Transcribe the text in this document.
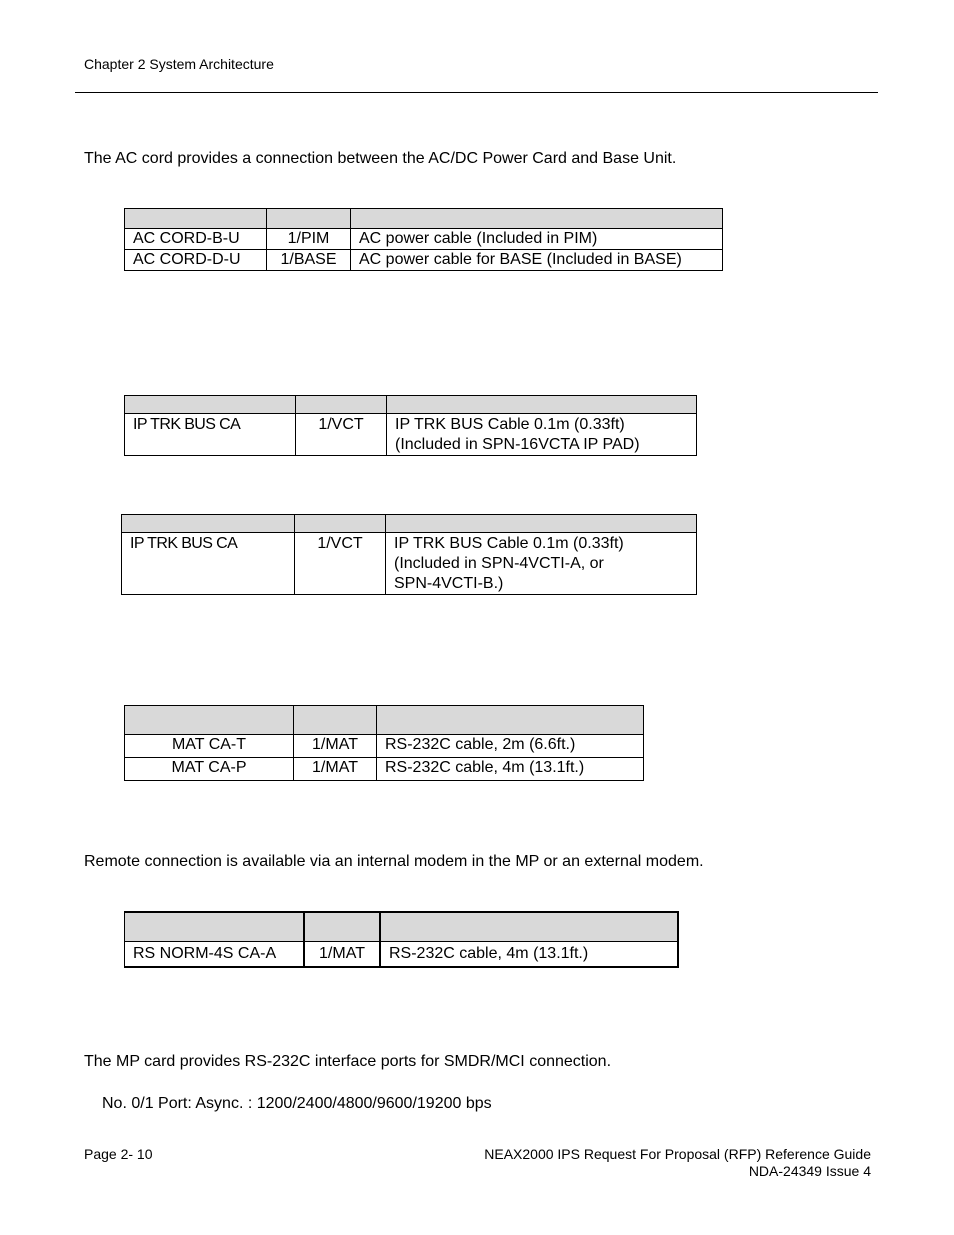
Chapter 2 System Architecture
The AC cord provides a connection between the AC/DC Power Card and Base Unit.

AC CORD-B-U	1/PIM	AC power cable (Included in PIM)
AC CORD-D-U	1/BASE	AC power cable for BASE (Included in BASE)

IP TRK BUS CA	1/VCT	IP TRK BUS Cable 0.1m (0.33ft)
(Included in SPN-16VCTA IP PAD)

IP TRK BUS CA	1/VCT	IP TRK BUS Cable 0.1m (0.33ft)
(Included in SPN-4VCTI-A, or
SPN-4VCTI-B.)

MAT CA-T	1/MAT	RS-232C cable, 2m (6.6ft.)
MAT CA-P	1/MAT	RS-232C cable, 4m (13.1ft.)
Remote connection is available via an internal modem in the MP or an external modem.

RS NORM-4S CA-A	1/MAT	RS-232C cable, 4m (13.1ft.)
The MP card provides RS-232C interface ports for SMDR/MCI connection.
No. 0/1 Port: Async. : 1200/2400/4800/9600/19200 bps
Page 2- 10	NEAX2000 IPS Request For Proposal (RFP) Reference Guide
NDA-24349 Issue 4
